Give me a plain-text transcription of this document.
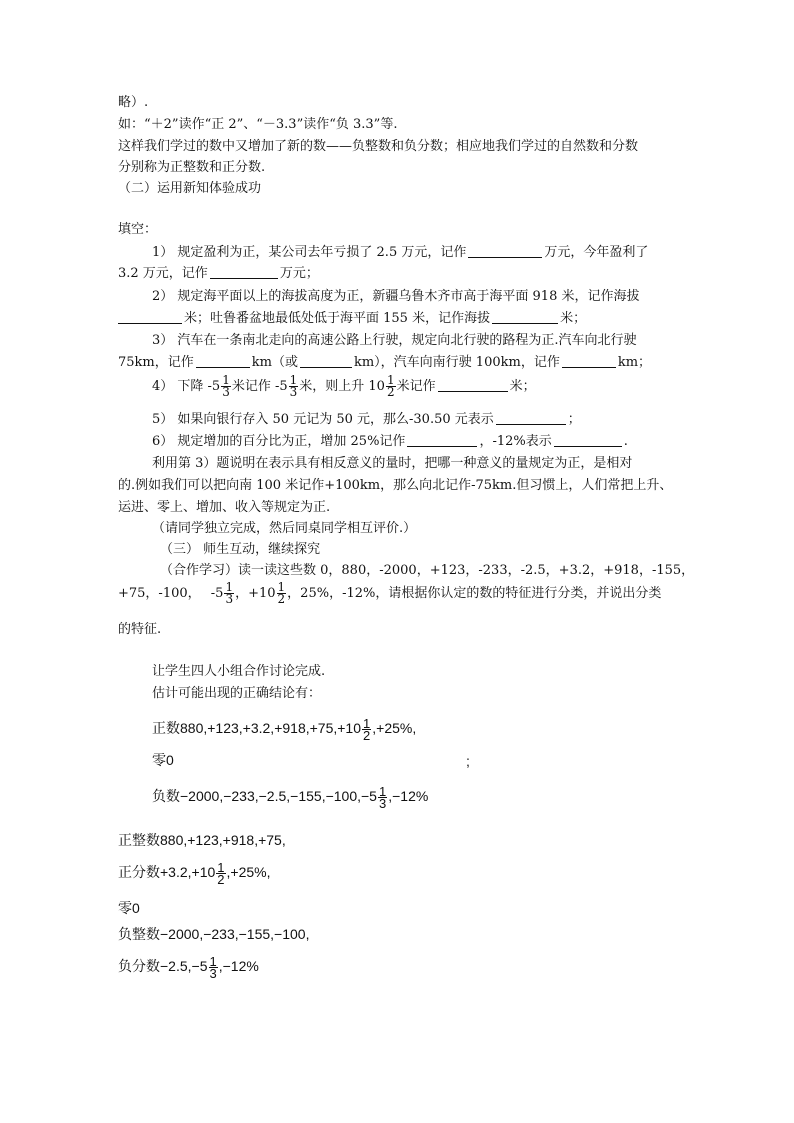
略）.
如：“＋2”读作“正 2”、“－3.3”读作“负 3.3”等.
这样我们学过的数中又增加了新的数——负整数和负分数；相应地我们学过的自然数和分数
分别称为正整数和正分数.
（二）运用新知体验成功
填空：
1） 规定盈利为正，某公司去年亏损了 2.5 万元，记作	万元，今年盈利了
3.2 万元，记作	万元；
2） 规定海平面以上的海拔高度为正，新疆乌鲁木齐市高于海平面 918 米，记作海拔
米；吐鲁番盆地最低处低于海平面 155 米，记作海拔	米；
3） 汽车在一条南北走向的高速公路上行驶，规定向北行驶的路程为正.汽车向北行驶
75km，记作	km（或	km），汽车向南行驶 100km，记作	km；
4） 下降 $-5 \frac{1}{3}$ 米记作 $-5 \frac{1}{3}$ 米，则上升 $10 \frac{1}{2}$ 米记作	米；
5） 如果向银行存入 50 元记为 50 元，那么-30.50 元表示	；
6） 规定增加的百分比为正，增加 25%记作	，-12%表示	.
利用第 3）题说明在表示具有相反意义的量时，把哪一种意义的量规定为正，是相对
的.例如我们可以把向南 100 米记作+100km，那么向北记作-75km.但习惯上，人们常把上升、
运进、零上、增加、收入等规定为正.
（请同学独立完成，然后同桌同学相互评价.）
（三） 师生互动，继续探究
（合作学习）读一读这些数 0，880，-2000，+123，-233，-2.5，+3.2，+918，-155，
+75，-100， $-5 \frac{1}{3}$ ，$+10 \frac{1}{2}$ ，25%，-12%，请根据你认定的数的特征进行分类，并说出分类
的特征.
让学生四人小组合作讨论完成.
估计可能出现的正确结论有：
正数$880,+123,+3.2,+918,+75,+10 \frac{1}{2} ,+25\%$,
零0	;
负数$-2000,-233,-2.5,-155,-100,-5 \frac{1}{3} ,-12\%$
正整数880,+123,+918,+75,
正分数$+3.2,+10 \frac{1}{2} ,+25\%$,
零0
负整数−2000,−233,−155,−100,
负分数$-2.5,-5 \frac{1}{3} ,-12\%$
